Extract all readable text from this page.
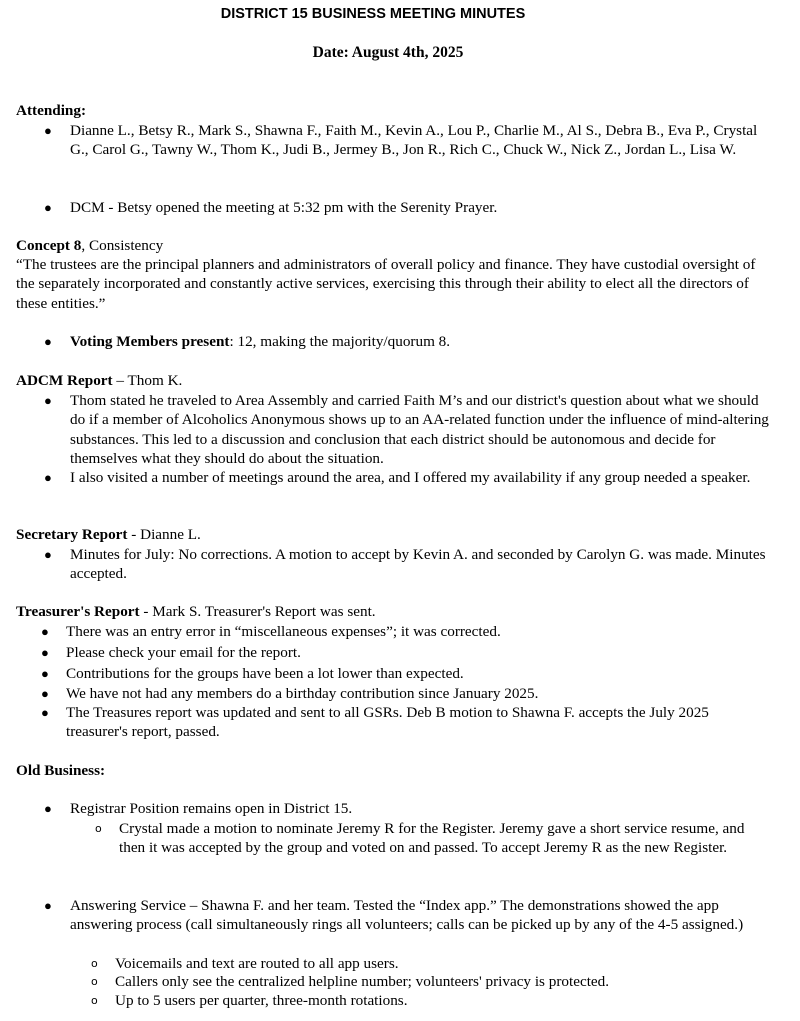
DISTRICT 15 BUSINESS MEETING MINUTES
Date: August 4th, 2025
Attending:
● Dianne L., Betsy R., Mark S., Shawna F., Faith M., Kevin A., Lou P., Charlie M., Al S., Debra B., Eva P., Crystal G., Carol G., Tawny W., Thom K., Judi B., Jermey B., Jon R., Rich C., Chuck W., Nick Z., Jordan L., Lisa W.
● DCM - Betsy opened the meeting at 5:32 pm with the Serenity Prayer.
Concept 8, Consistency
“The trustees are the principal planners and administrators of overall policy and finance. They have custodial oversight of the separately incorporated and constantly active services, exercising this through their ability to elect all the directors of these entities.”
● Voting Members present: 12, making the majority/quorum 8.
ADCM Report – Thom K.
● Thom stated he traveled to Area Assembly and carried Faith M’s and our district's question about what we should do if a member of Alcoholics Anonymous shows up to an AA-related function under the influence of mind-altering substances. This led to a discussion and conclusion that each district should be autonomous and decide for themselves what they should do about the situation.
● I also visited a number of meetings around the area, and I offered my availability if any group needed a speaker.
Secretary Report - Dianne L.
● Minutes for July: No corrections. A motion to accept by Kevin A. and seconded by Carolyn G. was made. Minutes accepted.
Treasurer's Report - Mark S. Treasurer's Report was sent.
● There was an entry error in “miscellaneous expenses”; it was corrected.
● Please check your email for the report.
● Contributions for the groups have been a lot lower than expected.
● We have not had any members do a birthday contribution since January 2025.
● The Treasures report was updated and sent to all GSRs. Deb B motion to Shawna F. accepts the July 2025 treasurer's report, passed.
Old Business:
● Registrar Position remains open in District 15.
o Crystal made a motion to nominate Jeremy R for the Register. Jeremy gave a short service resume, and then it was accepted by the group and voted on and passed. To accept Jeremy R as the new Register.
● Answering Service – Shawna F. and her team. Tested the “Index app.” The demonstrations showed the app answering process (call simultaneously rings all volunteers; calls can be picked up by any of the 4-5 assigned.)
o Voicemails and text are routed to all app users.
o Callers only see the centralized helpline number; volunteers' privacy is protected.
o Up to 5 users per quarter, three-month rotations.
